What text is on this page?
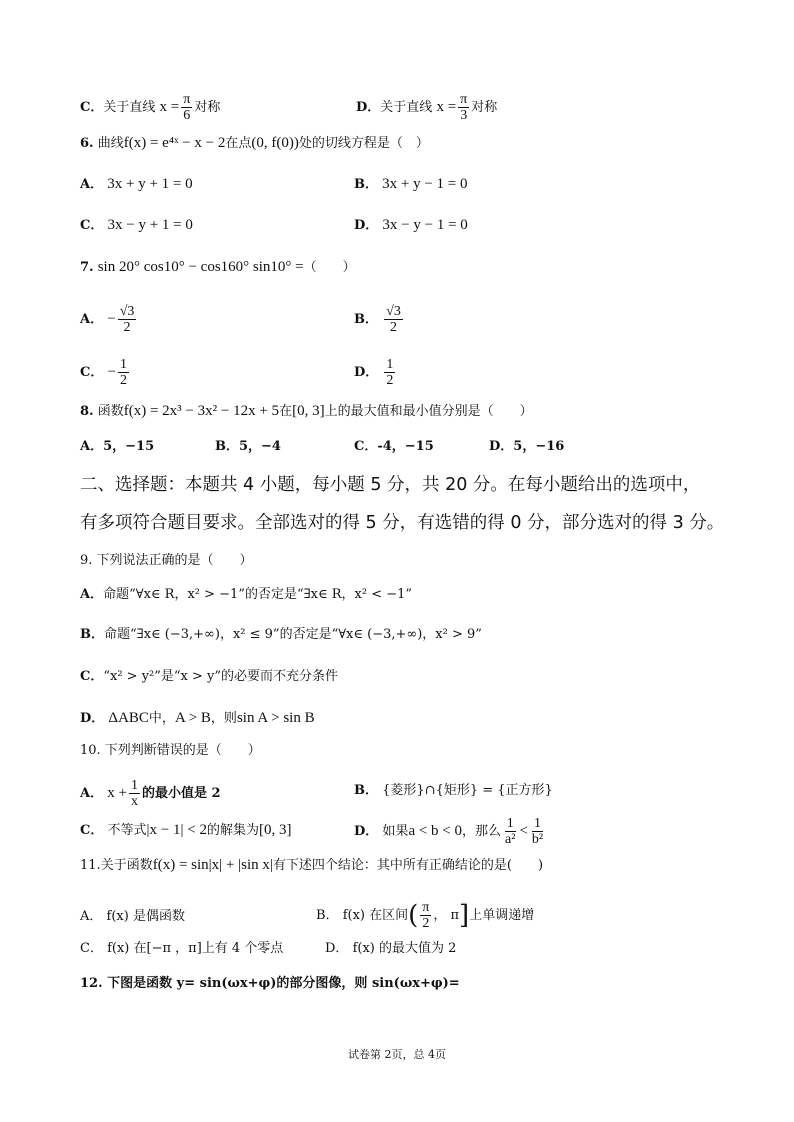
C．关于直线 $x = \frac{\pi}{6}$ 对称	D．关于直线 $x = \frac{\pi}{3}$ 对称
6. 曲线f(x) = e⁴ˣ − x − 2在点(0, f(0))处的切线方程是（　）
A． 3x + y + 1 = 0	B． 3x + y − 1 = 0
C． 3x − y + 1 = 0	D． 3x − y − 1 = 0
7. sin 20° cos10° − cos160° sin10° =（　　）
A． − $\frac{√3}{2}$	B． $\frac{√3}{2}$
C． − $\frac{1}{2}$	D． $\frac{1}{2}$
8. 函数f(x) = 2x³ − 3x² − 12x + 5在[0, 3]上的最大值和最小值分别是（　　）
A．5，−15	B．5，−4	C．-4，−15	D．5，−16
二、选择题：本题共 4 小题，每小题 5 分，共 20 分。在每小题给出的选项中，
有多项符合题目要求。全部选对的得 5 分，有选错的得 0 分，部分选对的得 3 分。
9. 下列说法正确的是（　　）
A．命题“∀x∈ R，x² > −1”的否定是“∃x∈ R，x² < −1”
B．命题“∃x∈ (−3,+∞)，x² ≤ 9”的否定是“∀x∈ (−3,+∞)，x² > 9”
C．“x² > y²”是“x > y”的必要而不充分条件
D． ΔABC中，A > B，则sin A > sin B
10. 下列判断错误的是（　　）
A． $x + \frac{1}{x}$ 的最小值是 2	B． {菱形}∩{矩形} = {正方形}
C． 不等式|x − 1| < 2的解集为[0, 3]	D． 如果a < b < 0，那么 $\frac{1}{\text{a²}} < \frac{1}{\text{b²}}$
11.关于函数f(x) = sin|x| + |sin x|有下述四个结论：其中所有正确结论的是(　　)
A． f(x) 是偶函数	B． f(x) 在区间( $\frac{\pi}{2}$ ， π]上单调递增
C． f(x) 在[−π ，π]上有 4 个零点	D． f(x) 的最大值为 2
12. 下图是函数 y= sin(ωx+φ)的部分图像，则 sin(ωx+φ)=
试卷第 2页，总 4页
